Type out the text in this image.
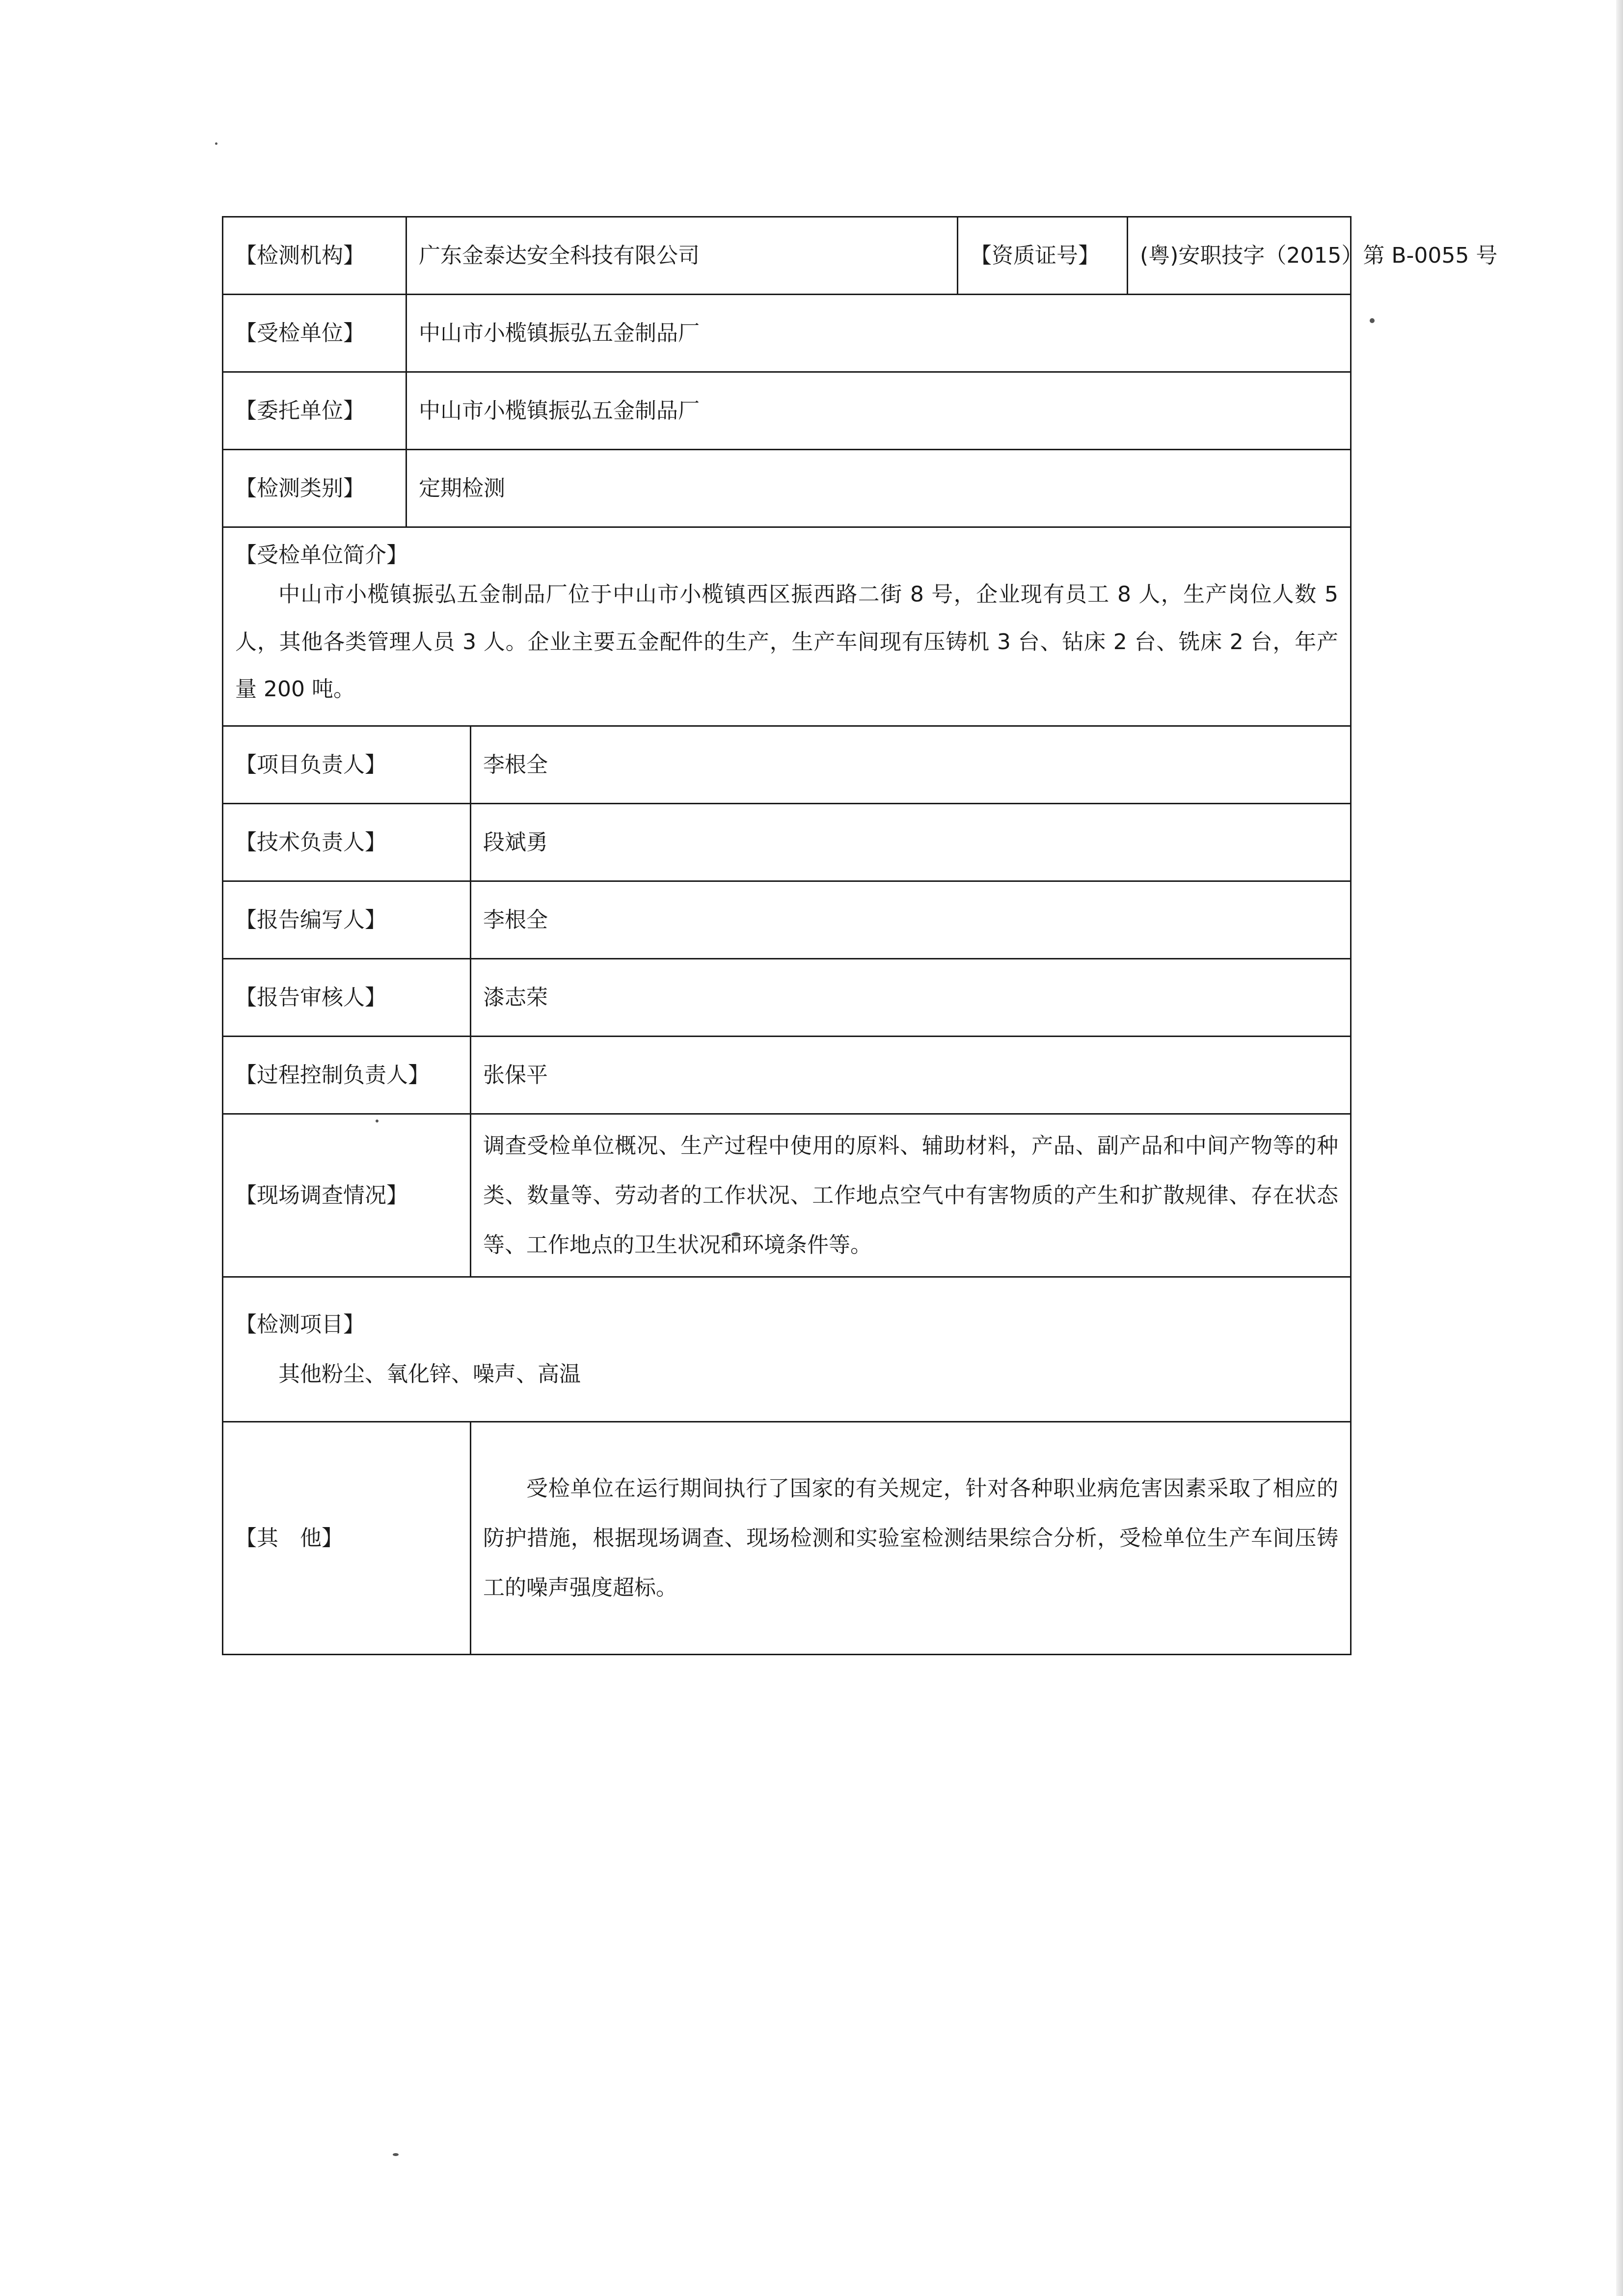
【检测机构】	广东金泰达安全科技有限公司		【资质证号】	(粤)安职技字（2015）第 B-0055 号
【受检单位】	中山市小榄镇振弘五金制品厂			
【委托单位】	中山市小榄镇振弘五金制品厂			
【检测类别】	定期检测			

【受检单位简介】
中山市小榄镇振弘五金制品厂位于中山市小榄镇西区振西路二街 8 号，企业现有员工 8 人，生产岗位人数 5 人，其他各类管理人员 3 人。企业主要五金配件的生产，生产车间现有压铸机 3 台、钻床 2 台、铣床 2 台，年产量 200 吨。				

【项目负责人】		李根全		
【技术负责人】		段斌勇		
【报告编写人】		李根全		
【报告审核人】		漆志荣		
【过程控制负责人】		张保平		
【现场调查情况】		调查受检单位概况、生产过程中使用的原料、辅助材料，产品、副产品和中间产物等的种类、数量等、劳动者的工作状况、工作地点空气中有害物质的产生和扩散规律、存在状态等、工作地点的卫生状况和环境条件等。		

【检测项目】
其他粉尘、氧化锌、噪声、高温				

【其　他】		受检单位在运行期间执行了国家的有关规定，针对各种职业病危害因素采取了相应的防护措施，根据现场调查、现场检测和实验室检测结果综合分析，受检单位生产车间压铸工的噪声强度超标。		
